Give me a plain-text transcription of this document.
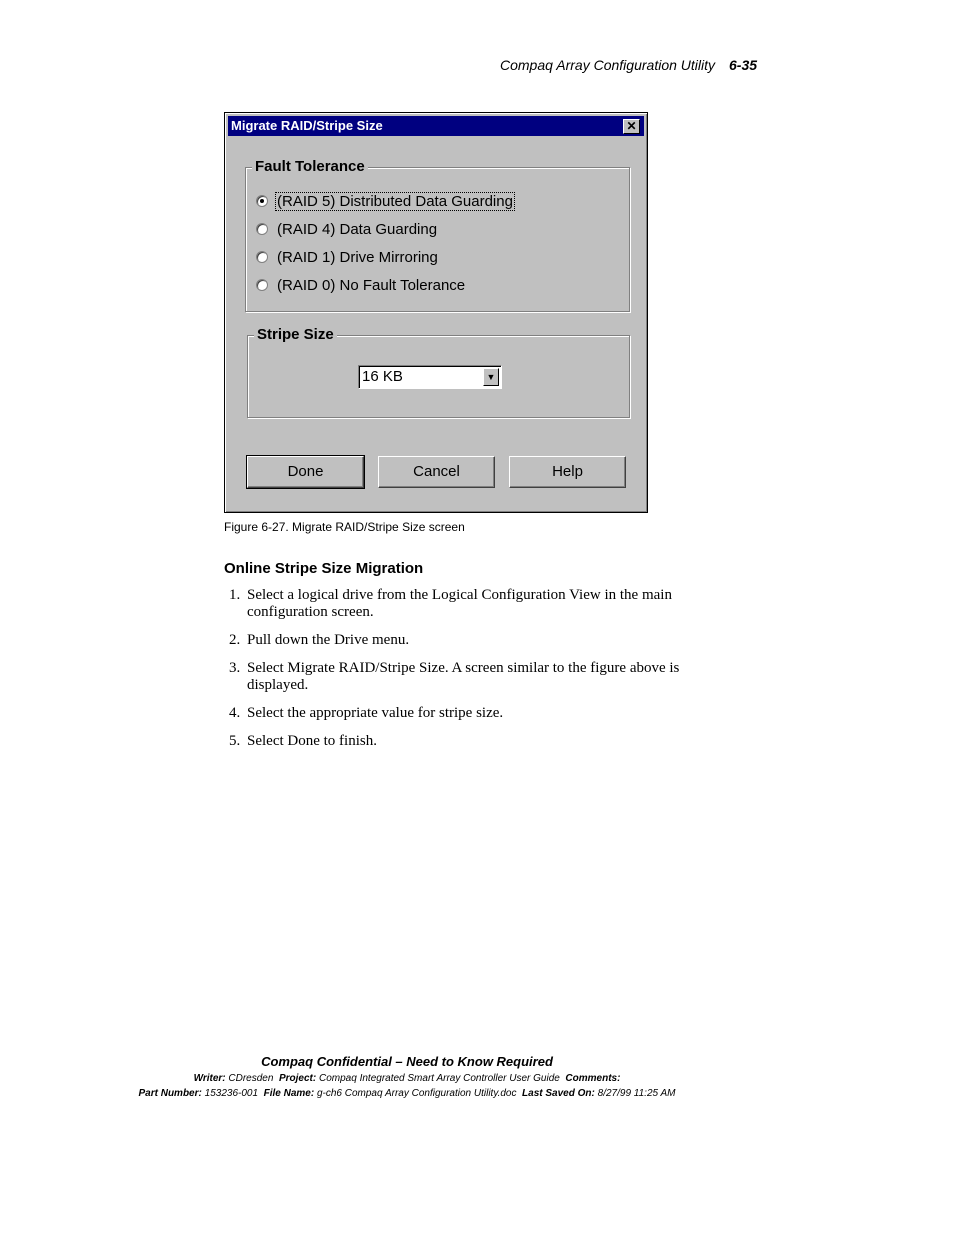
Compaq Array Configuration Utility 6-35
Migrate RAID/Stripe Size	✕
Fault Tolerance
(RAID 5) Distributed Data Guarding
(RAID 4) Data Guarding
(RAID 1) Drive Mirroring
(RAID 0) No Fault Tolerance
Stripe Size
16 KB	▼
Done	Cancel	Help
Figure 6-27. Migrate RAID/Stripe Size screen
Online Stripe Size Migration
1. Select a logical drive from the Logical Configuration View in the main configuration screen.
2. Pull down the Drive menu.
3. Select Migrate RAID/Stripe Size. A screen similar to the figure above is displayed.
4. Select the appropriate value for stripe size.
5. Select Done to finish.
Compaq Confidential – Need to Know Required
Writer: CDresden Project: Compaq Integrated Smart Array Controller User Guide Comments:
Part Number: 153236-001 File Name: g-ch6 Compaq Array Configuration Utility.doc Last Saved On: 8/27/99 11:25 AM
